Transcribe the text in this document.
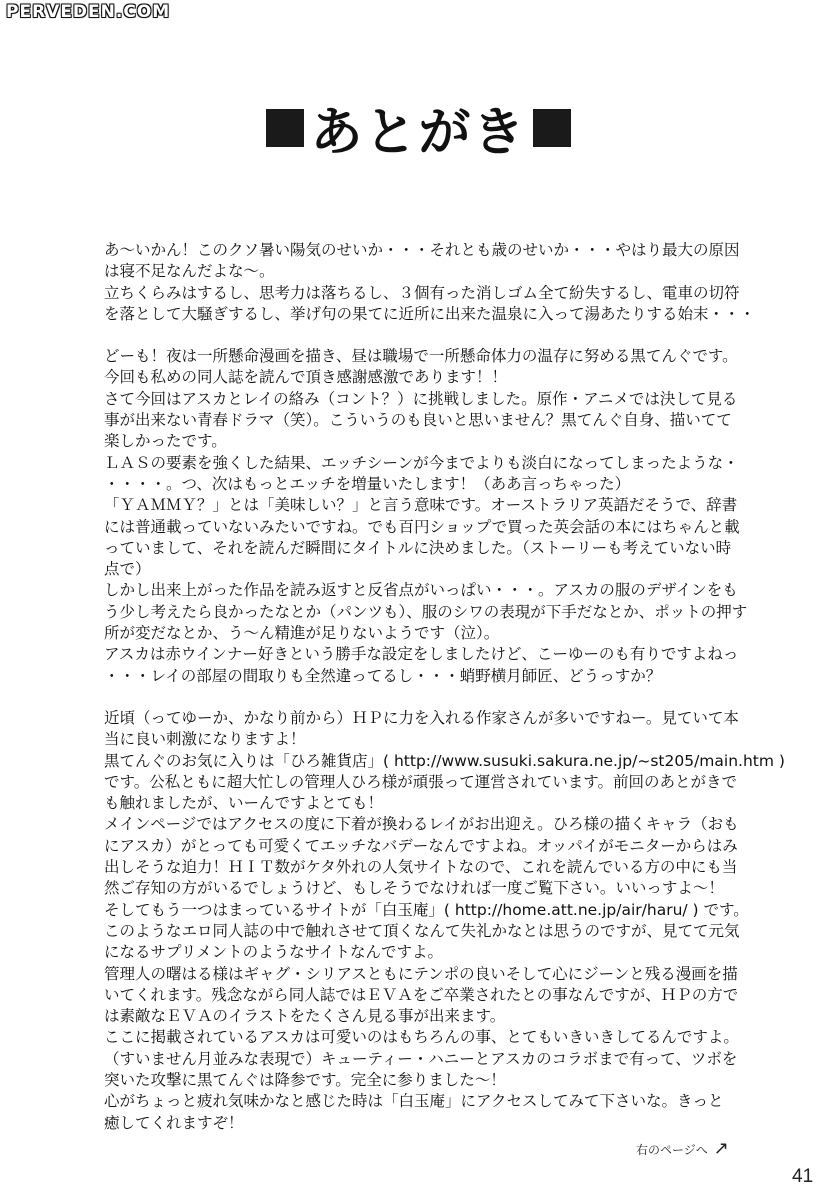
PERVEDEN.COM
あとがき
あ〜いかん！このクソ暑い陽気のせいか・・・それとも歳のせいか・・・やはり最大の原因
は寝不足なんだよな〜。
立ちくらみはするし、思考力は落ちるし、３個有った消しゴム全て紛失するし、電車の切符
を落として大騒ぎするし、挙げ句の果てに近所に出来た温泉に入って湯あたりする始末・・・
どーも！夜は一所懸命漫画を描き、昼は職場で一所懸命体力の温存に努める黒てんぐです。
今回も私めの同人誌を読んで頂き感謝感激であります！！
さて今回はアスカとレイの絡み（コント？）に挑戦しました。原作・アニメでは決して見る
事が出来ない青春ドラマ（笑）。こういうのも良いと思いません？黒てんぐ自身、描いてて
楽しかったです。
ＬＡＳの要素を強くした結果、エッチシーンが今までよりも淡白になってしまったような・
・・・・。つ、次はもっとエッチを増量いたします！（ああ言っちゃった）
「ＹＡＭＭＹ？」とは「美味しい？」と言う意味です。オーストラリア英語だそうで、辞書
には普通載っていないみたいですね。でも百円ショップで買った英会話の本にはちゃんと載
っていまして、それを読んだ瞬間にタイトルに決めました。（ストーリーも考えていない時
点で）
しかし出来上がった作品を読み返すと反省点がいっぱい・・・。アスカの服のデザインをも
う少し考えたら良かったなとか（パンツも）、服のシワの表現が下手だなとか、ポットの押す
所が変だなとか、う〜ん精進が足りないようです（泣）。
アスカは赤ウインナー好きという勝手な設定をしましたけど、こーゆーのも有りですよねっ
・・・レイの部屋の間取りも全然違ってるし・・・蛸野横月師匠、どうっすか？
近頃（ってゆーか、かなり前から）ＨＰに力を入れる作家さんが多いですねー。見ていて本
当に良い刺激になりますよ！
黒てんぐのお気に入りは「ひろ雑貨店」( http://www.susuki.sakura.ne.jp/~st205/main.htm )
です。公私ともに超大忙しの管理人ひろ様が頑張って運営されています。前回のあとがきで
も触れましたが、いーんですよとても！
メインページではアクセスの度に下着が換わるレイがお出迎え。ひろ様の描くキャラ（おも
にアスカ）がとっても可愛くてエッチなバデーなんですよね。オッパイがモニターからはみ
出しそうな迫力！ＨＩＴ数がケタ外れの人気サイトなので、これを読んでいる方の中にも当
然ご存知の方がいるでしょうけど、もしそうでなければ一度ご覧下さい。いいっすよ〜！
そしてもう一つはまっているサイトが「白玉庵」( http://home.att.ne.jp/air/haru/ ) です。
このようなエロ同人誌の中で触れさせて頂くなんて失礼かなとは思うのですが、見てて元気
になるサプリメントのようなサイトなんですよ。
管理人の曙はる様はギャグ・シリアスともにテンポの良いそして心にジーンと残る漫画を描
いてくれます。残念ながら同人誌ではＥＶＡをご卒業されたとの事なんですが、ＨＰの方で
は素敵なＥＶＡのイラストをたくさん見る事が出来ます。
ここに掲載されているアスカは可愛いのはもちろんの事、とてもいきいきしてるんですよ。
（すいません月並みな表現で）キューティー・ハニーとアスカのコラボまで有って、ツボを
突いた攻撃に黒てんぐは降参です。完全に参りました〜！
心がちょっと疲れ気味かなと感じた時は「白玉庵」にアクセスしてみて下さいな。きっと
癒してくれますぞ！
右のページへ ↗
41
